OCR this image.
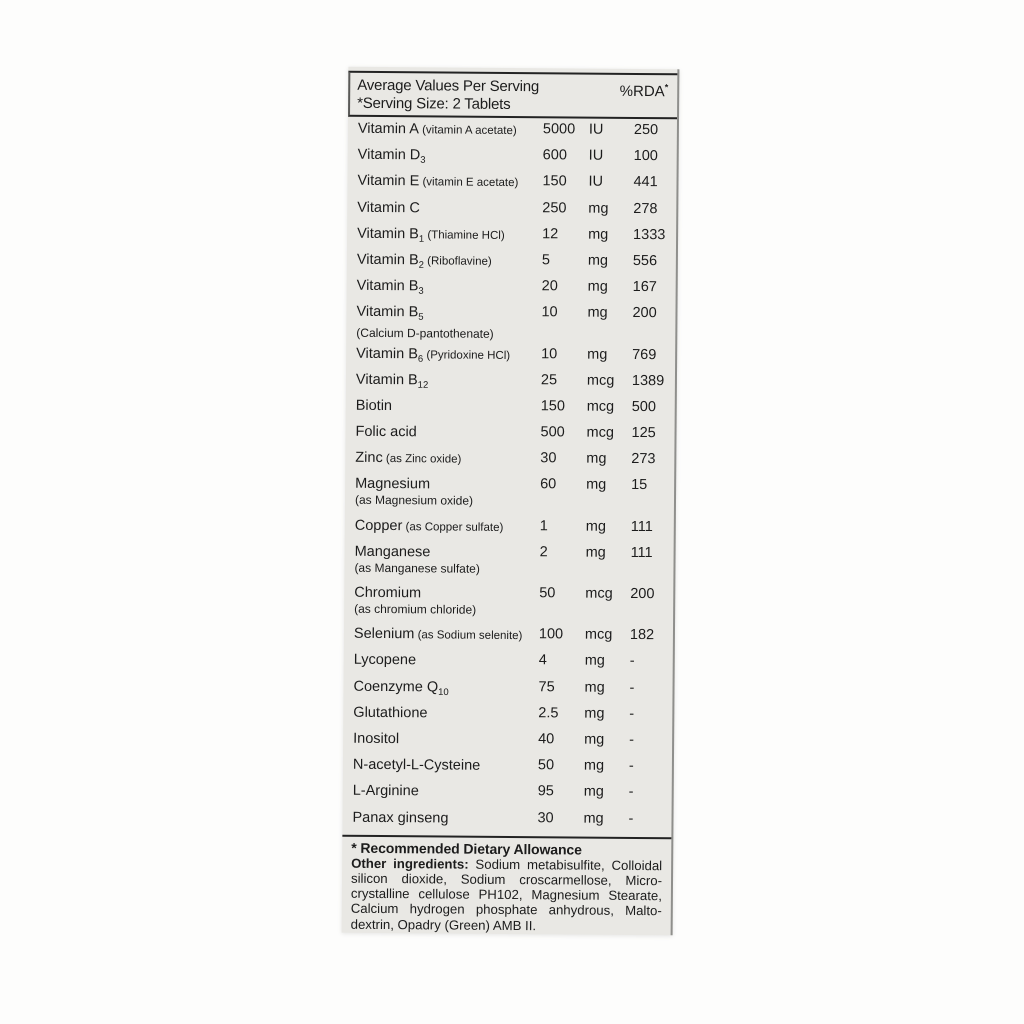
Average Values Per Serving
*Serving Size: 2 Tablets
%RDA*
Vitamin A (vitamin A acetate) 5000 IU 250
Vitamin $D_3$	600 IU 100
Vitamin E (vitamin E acetate) 150 IU 441
Vitamin C	250 mg 278
Vitamin $B_1$ (Thiamine HCl)	12 mg 1333
Vitamin $B_2$ (Riboflavine)	5	mg 556
Vitamin $B_3$	20 mg 167
Vitamin $B_5$
(Calcium D-pantothenate)
10 mg 200
Vitamin $B_6$ (Pyridoxine HCl) 10 mg 769
Vitamin $B_{12}$	25 mcg 1389
Biotin	150 mcg 500
Folic acid	500 mcg 125
Zinc (as Zinc oxide)	30 mg 273
Magnesium
(as Magnesium oxide)
60 mg 15
Copper (as Copper sulfate)	1	mg 111
Manganese
(as Manganese sulfate)
2	mg 111
Chromium
(as chromium chloride)
50 mcg 200
Selenium (as Sodium selenite) 100 mcg 182
Lycopene	4	mg -
Coenzyme $Q_{10}$	75 mg -
Glutathione	2.5 mg -
Inositol	40 mg -
N-acetyl-L-Cysteine	50 mg -
L-Arginine	95 mg -
Panax ginseng	30 mg -
* Recommended Dietary Allowance
Other ingredients: Sodium metabisulfite, Colloidal
silicon dioxide, Sodium croscarmellose, Micro-
crystalline cellulose PH102, Magnesium Stearate,
Calcium hydrogen phosphate anhydrous, Malto-
dextrin, Opadry (Green) AMB II.
